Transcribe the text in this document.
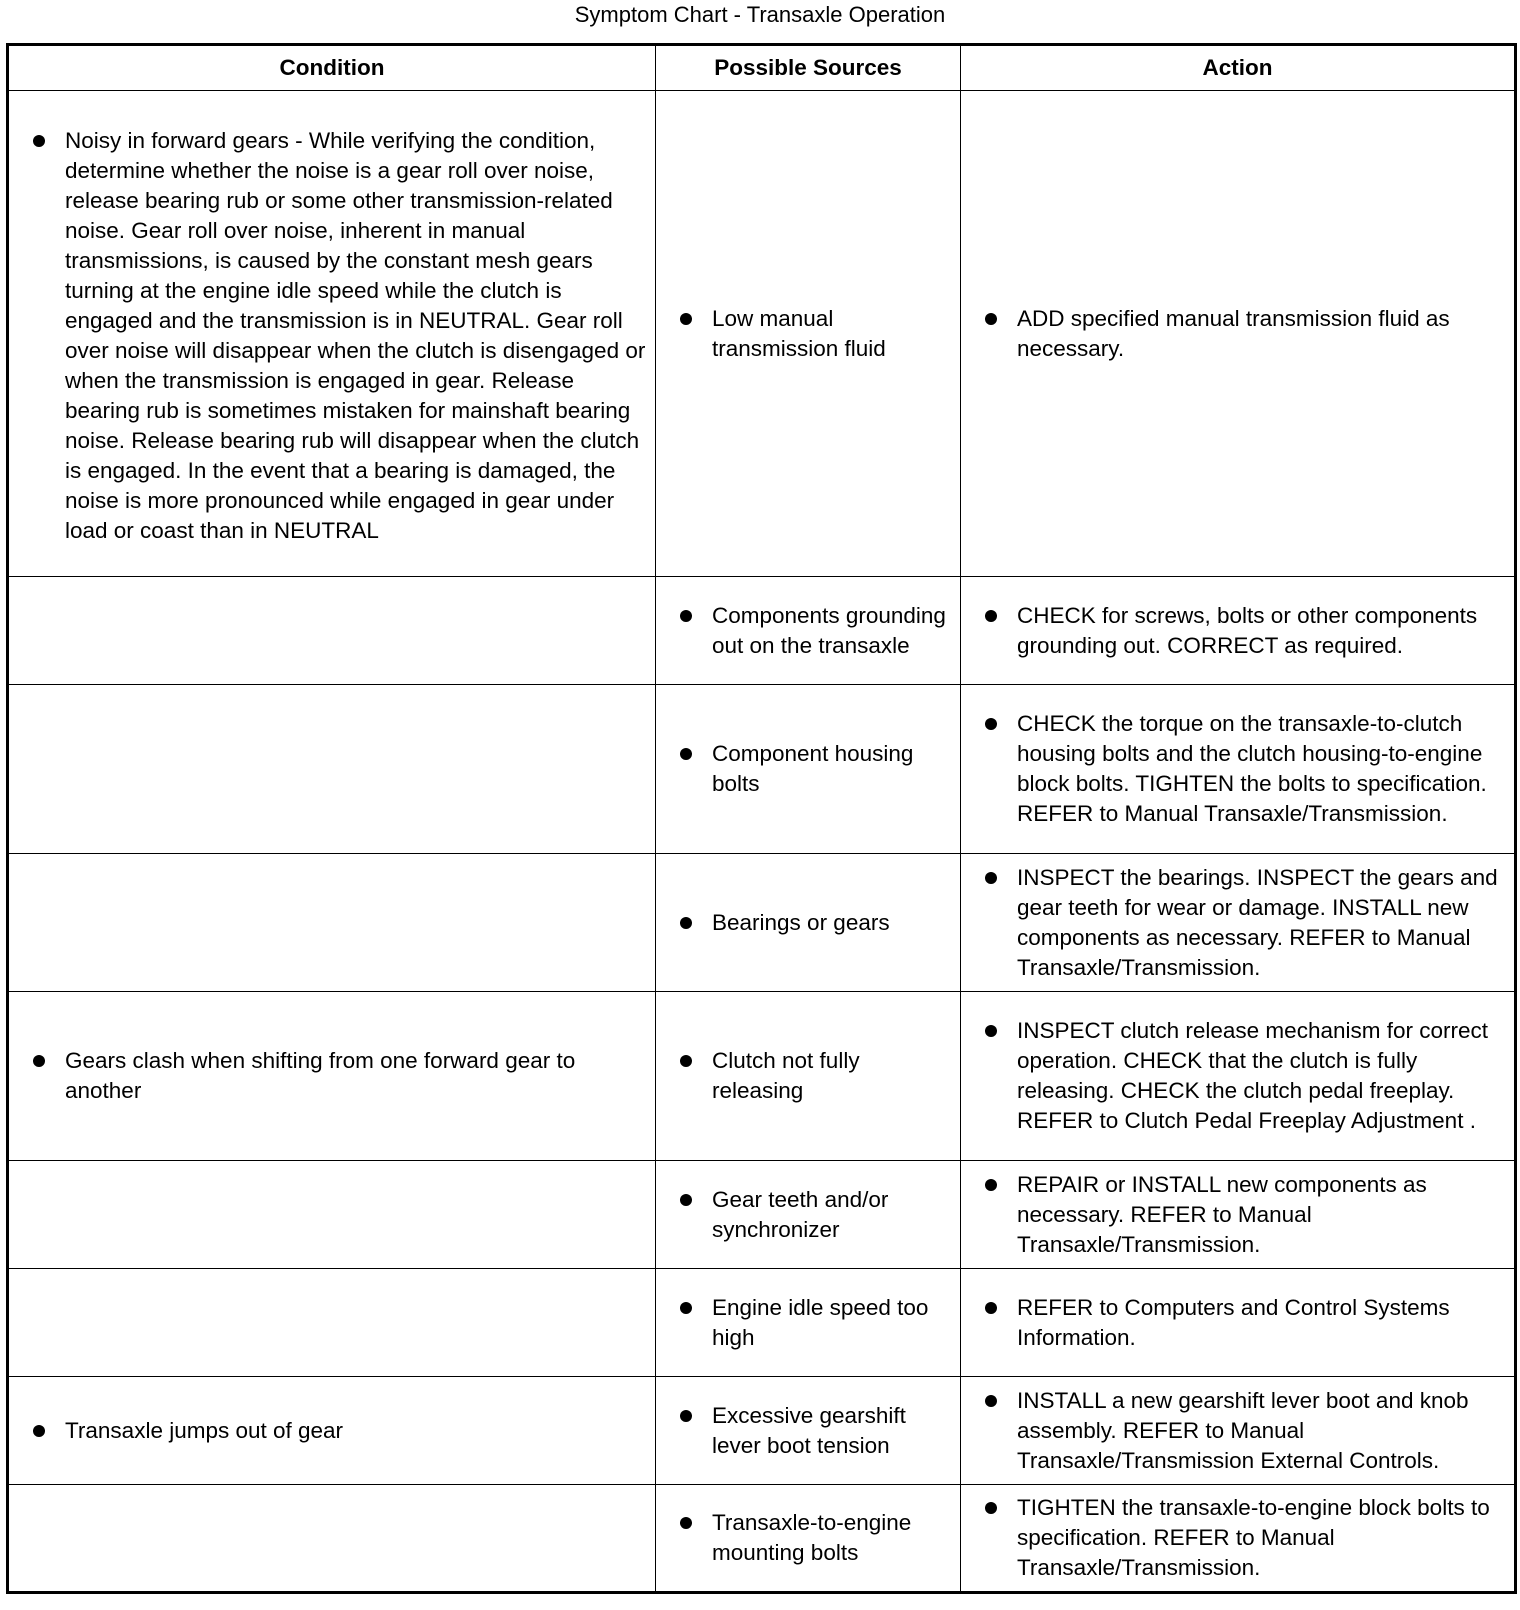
Symptom Chart - Transaxle Operation
Condition	Possible Sources	Action

Noisy in forward gears - While verifying the condition, determine whether the noise is a gear roll over noise, release bearing rub or some other transmission-related noise. Gear roll over noise, inherent in manual transmissions, is caused by the constant mesh gears turning at the engine idle speed while the clutch is engaged and the transmission is in NEUTRAL. Gear roll over noise will disappear when the clutch is disengaged or when the transmission is engaged in gear. Release bearing rub is sometimes mistaken for mainshaft bearing noise. Release bearing rub will disappear when the clutch is engaged. In the event that a bearing is damaged, the noise is more pronounced while engaged in gear under load or coast than in NEUTRAL	Low manual transmission fluid	ADD specified manual transmission fluid as necessary.

	Components grounding out on the transaxle	CHECK for screws, bolts or other components grounding out. CORRECT as required.

	Component housing bolts	CHECK the torque on the transaxle-to-clutch housing bolts and the clutch housing-to-engine block bolts. TIGHTEN the bolts to specification. REFER to Manual Transaxle/Transmission.

	Bearings or gears	INSPECT the bearings. INSPECT the gears and gear teeth for wear or damage. INSTALL new components as necessary. REFER to Manual Transaxle/Transmission.

Gears clash when shifting from one forward gear to another	Clutch not fully releasing	INSPECT clutch release mechanism for correct operation. CHECK that the clutch is fully releasing. CHECK the clutch pedal freeplay. REFER to Clutch Pedal Freeplay Adjustment .

	Gear teeth and/or synchronizer	REPAIR or INSTALL new components as necessary. REFER to Manual Transaxle/Transmission.

	Engine idle speed too high	REFER to Computers and Control Systems Information.

Transaxle jumps out of gear	Excessive gearshift lever boot tension	INSTALL a new gearshift lever boot and knob assembly. REFER to Manual Transaxle/Transmission External Controls.

	Transaxle-to-engine mounting bolts	TIGHTEN the transaxle-to-engine block bolts to specification. REFER to Manual Transaxle/Transmission.
